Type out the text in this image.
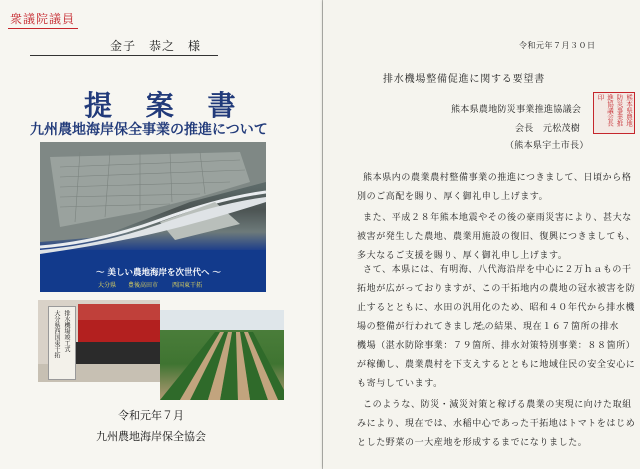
衆議院議員
金子　恭之　様
提 案 書
九州農地海岸保全事業の推進について
〜 美しい農地海岸を次世代へ 〜
大分県 豊後高田市 西国東干拓
大分県西国東干拓 排水機場竣工式
令和元年７月
九州農地海岸保全協会
令和元年７月３０日
排水機場整備促進に関する要望書
熊本県農地防災事業推進協議会
会長　元松茂樹
（熊本県宇土市長）
熊本県農地防災事業推進協議会長印
熊本県内の農業農村整備事業の推進につきまして、日頃から格
別のご高配を賜り、厚く御礼申し上げます。
また、平成２８年熊本地震やその後の豪雨災害により、甚大な
被害が発生した農地、農業用施設の復旧、復興につきましても、
多大なるご支援を賜り、厚く御礼申し上げます。
さて、本県には、有明海、八代海沿岸を中心に２万ｈａもの干
拓地が広がっておりますが、この干拓地内の農地の冠水被害を防
止するとともに、水田の汎用化のため、昭和４０年代から排水機
場の整備が行われてきました。
その結果、現在１６７箇所の排水
機場（湛水防除事業：７９箇所、排水対策特別事業：８８箇所）
が稼働し、農業農村を下支えするとともに地域住民の安全安心に
も寄与しています。
このような、防災・減災対策と稼げる農業の実現に向けた取組
みにより、現在では、水稲中心であった干拓地はトマトをはじめ
とした野菜の一大産地を形成するまでになりました。
